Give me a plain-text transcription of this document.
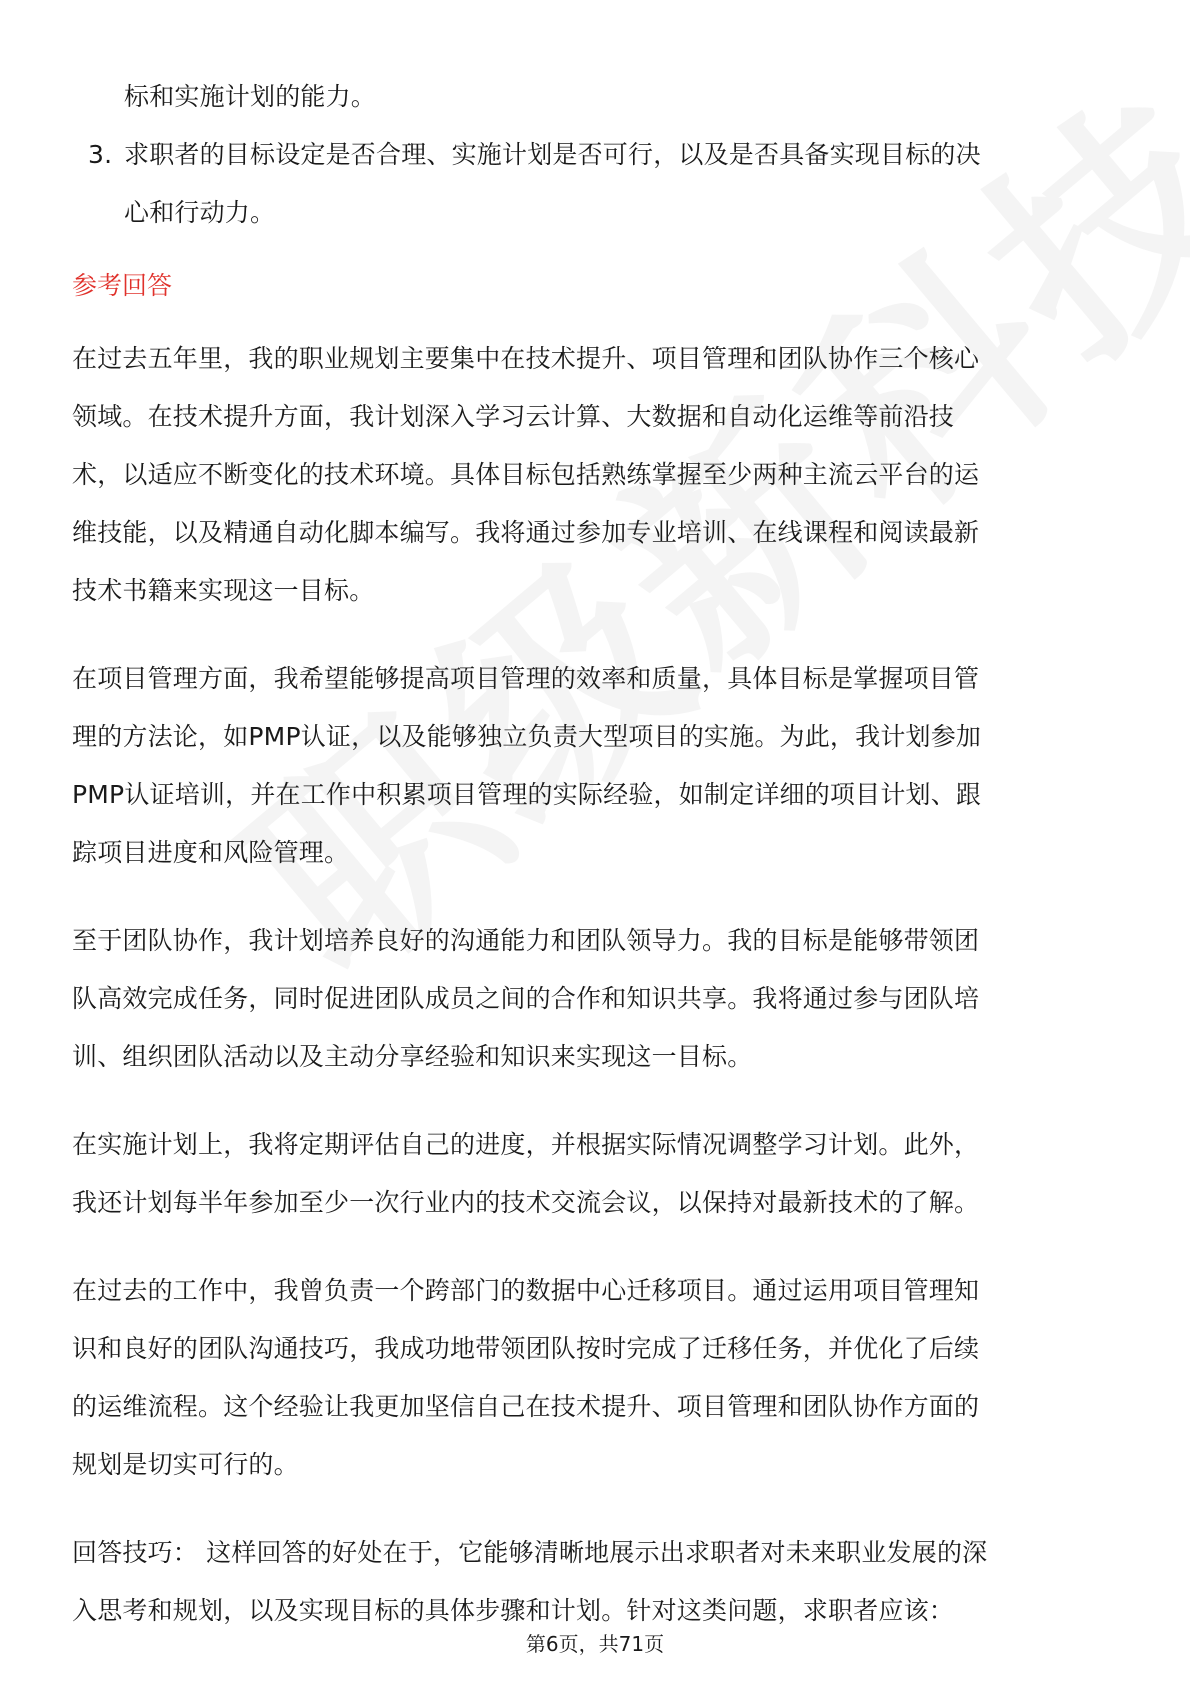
标和实施计划的能力。
3. 求职者的目标设定是否合理、实施计划是否可行，以及是否具备实现目标的决
心和行动力。
参考回答
在过去五年里，我的职业规划主要集中在技术提升、项目管理和团队协作三个核心
领域。在技术提升方面，我计划深入学习云计算、大数据和自动化运维等前沿技
术，以适应不断变化的技术环境。具体目标包括熟练掌握至少两种主流云平台的运
维技能，以及精通自动化脚本编写。我将通过参加专业培训、在线课程和阅读最新
技术书籍来实现这一目标。
在项目管理方面，我希望能够提高项目管理的效率和质量，具体目标是掌握项目管
理的方法论，如PMP认证，以及能够独立负责大型项目的实施。为此，我计划参加
PMP认证培训，并在工作中积累项目管理的实际经验，如制定详细的项目计划、跟
踪项目进度和风险管理。
至于团队协作，我计划培养良好的沟通能力和团队领导力。我的目标是能够带领团
队高效完成任务，同时促进团队成员之间的合作和知识共享。我将通过参与团队培
训、组织团队活动以及主动分享经验和知识来实现这一目标。
在实施计划上，我将定期评估自己的进度，并根据实际情况调整学习计划。此外，
我还计划每半年参加至少一次行业内的技术交流会议，以保持对最新技术的了解。
在过去的工作中，我曾负责一个跨部门的数据中心迁移项目。通过运用项目管理知
识和良好的团队沟通技巧，我成功地带领团队按时完成了迁移任务，并优化了后续
的运维流程。这个经验让我更加坚信自己在技术提升、项目管理和团队协作方面的
规划是切实可行的。
回答技巧： 这样回答的好处在于，它能够清晰地展示出求职者对未来职业发展的深
入思考和规划，以及实现目标的具体步骤和计划。针对这类问题，求职者应该：
第6页，共71页
